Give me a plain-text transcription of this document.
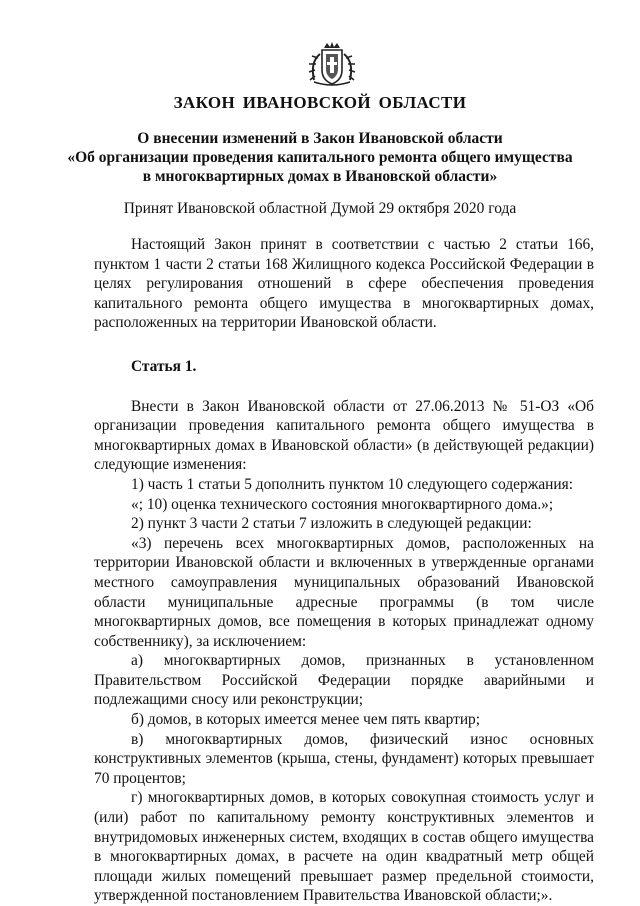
ЗАКОН ИВАНОВСКОЙ ОБЛАСТИ
О внесении изменений в Закон Ивановской области
«Об организации проведения капитального ремонта общего имущества
в многоквартирных домах в Ивановской области»
Принят Ивановской областной Думой 29 октября 2020 года

Настоящий Закон принят в соответствии с частью 2 статьи 166, пунктом 1 части 2 статьи 168 Жилищного кодекса Российской Федерации в целях регулирования отношений в сфере обеспечения проведения капитального ремонта общего имущества в многоквартирных домах, расположенных на территории Ивановской области.

Статья 1.

Внести в Закон Ивановской области от 27.06.2013 № 51-ОЗ «Об организации проведения капитального ремонта общего имущества в многоквартирных домах в Ивановской области» (в действующей редакции) следующие изменения:

1) часть 1 статьи 5 дополнить пунктом 10 следующего содержания:

«; 10) оценка технического состояния многоквартирного дома.»;

2) пункт 3 части 2 статьи 7 изложить в следующей редакции:

«3) перечень всех многоквартирных домов, расположенных на территории Ивановской области и включенных в утвержденные органами местного самоуправления муниципальных образований Ивановской области муниципальные адресные программы (в том числе многоквартирных домов, все помещения в которых принадлежат одному собственнику), за исключением:

а) многоквартирных домов, признанных в установленном Правительством Российской Федерации порядке аварийными и подлежащими сносу или реконструкции;

б) домов, в которых имеется менее чем пять квартир;

в) многоквартирных домов, физический износ основных конструктивных элементов (крыша, стены, фундамент) которых превышает 70 процентов;

г) многоквартирных домов, в которых совокупная стоимость услуг и (или) работ по капитальному ремонту конструктивных элементов и внутридомовых инженерных систем, входящих в состав общего имущества в многоквартирных домах, в расчете на один квадратный метр общей площади жилых помещений превышает размер предельной стоимости, утвержденной постановлением Правительства Ивановской области;».
